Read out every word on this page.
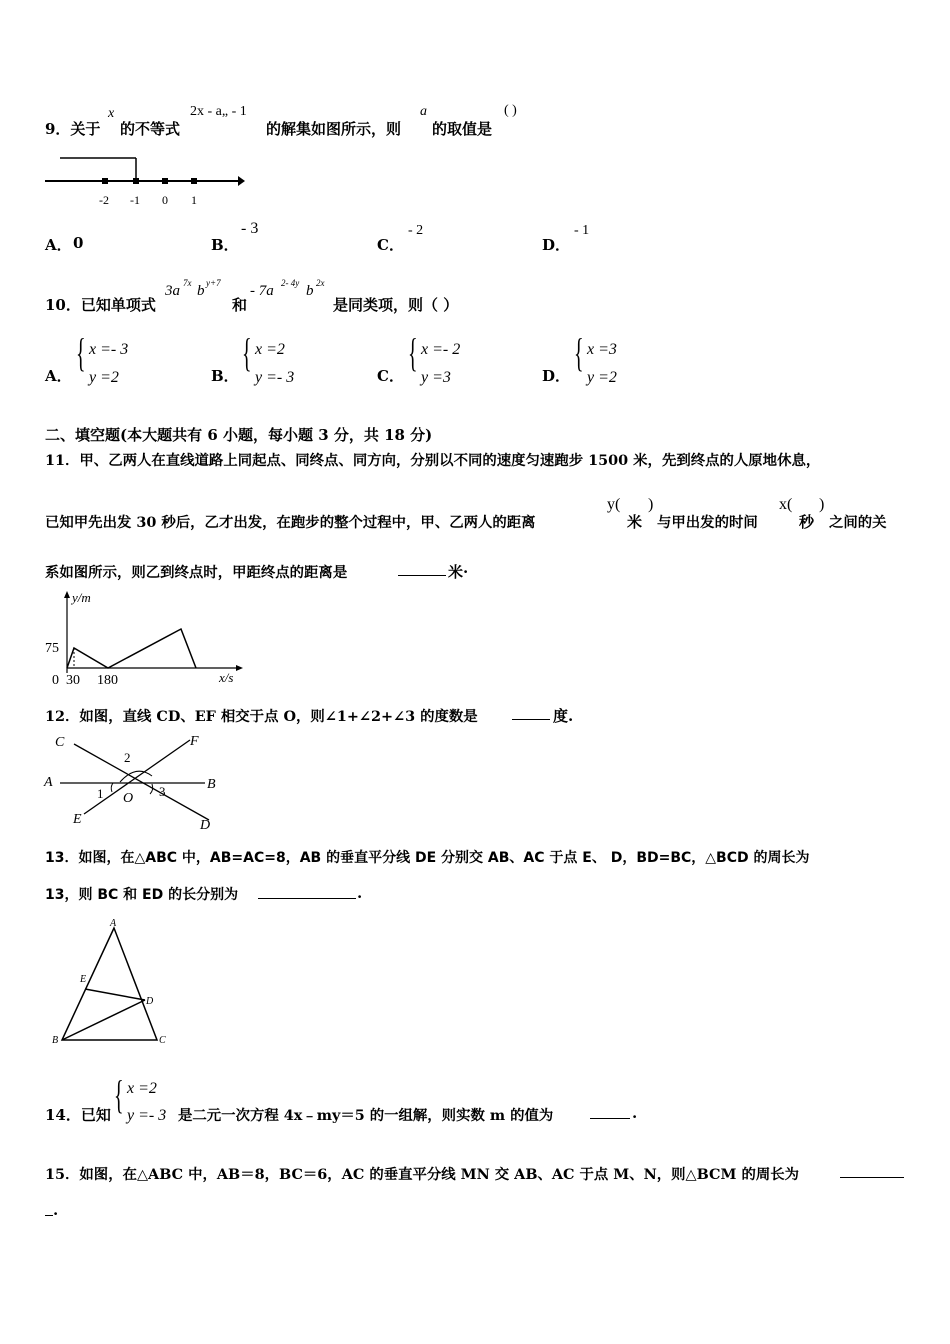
9．关于
x
的不等式
2x - a„ - 1
的解集如图所示，则
a
的取值是
( )
-2 -1 0 1
A． 0	B．
- 3
C．
- 2
D．
- 1
10．已知单项式
3a 7x b y+7
和
- 7a 2- 4y b 2x
是同类项，则（ ）
A．
{ x =- 3
y =2	B．
{ x =2
y =- 3	C．
{ x =- 2
y =3	D．
{ x =3
y =2
二、填空题(本大题共有 6 小题，每小题 3 分，共 18 分)
11．甲、乙两人在直线道路上同起点、同终点、同方向，分别以不同的速度匀速跑步 1500 米，先到终点的人原地休息，
已知甲先出发 30 秒后，乙才出发，在跑步的整个过程中，甲、乙两人的距离
y(
米
)
与甲出发的时间
x(
秒
)
之间的关
系如图所示，则乙到终点时，甲距终点的距离是	米·
y/m
x/s
75
0 30 180
12．如图，直线 CD、EF 相交于点 O，则∠1+∠2+∠3 的度数是	度.
C	F
A	B
E	D
O
1
2
3
13．如图，在△ABC 中，AB=AC=8，AB 的垂直平分线 DE 分别交 AB、AC 于点 E、 D，BD=BC，△BCD 的周长为
13，则 BC 和 ED 的长分别为	.
A
E
D
B	C
14．已知 { x =2
y =- 3 是二元一次方程 4x﹣my＝5 的一组解，则实数 m 的值为	.
15．如图，在△ABC 中，AB＝8，BC＝6，AC 的垂直平分线 MN 交 AB、AC 于点 M、N，则△BCM 的周长为
.
